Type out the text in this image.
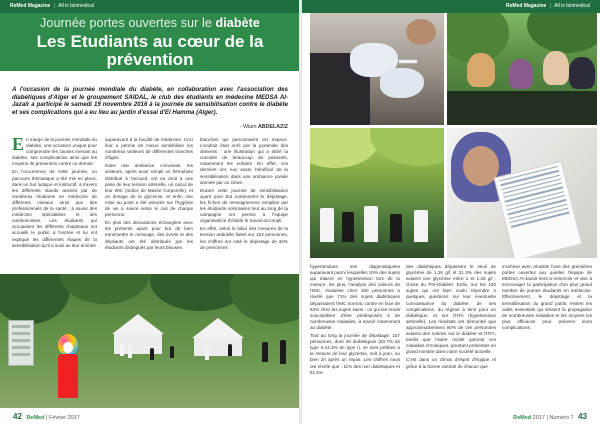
ReMed Magazine | All is biomedical
Journée portes ouvertes sur le diabète
Les Etudiants au cœur de la prévention
A l'occasion de la journée mondiale du diabète, en collaboration avec l'association des diabétiques d'Alger et le groupement SAIDAL, le club des étudiants en médecine MEDSA Al-Jazaïr a participé le samedi 19 novembre 2016 à la journée de sensibilisation contre le diabète et ses complications qui a eu lieu au jardin d'essai d'El Hamma (Alger).
- Wiam ABDELAZIZ

En marge de la journée mondiale du diabète, une occasion unique pour comprendre les causes menant au diabète, ses complications ainsi que les moyens de prévention contre ce dernier.

En l'occurrence de cette journée, un parcours thématique a été mis en place, dans un but ludique et instructif, à travers les différents stands animés par de nombreux étudiants en médecine de différents niveaux ainsi que des professionnels de la santé : à savoir des médecins spécialistes et des nutritionnistes. Les étudiants qui occupaient les différents chapiteaux ont accueilli le public à l'entrée et lui ont expliqué les différentes étapes de la sensibilisation qu'il a suivi au leur animée

auparavant à la faculté de médecine. Ceci leur a permis de mieux sensibiliser les nombreux visiteurs de différentes tranches d'âges.

Dans une ambiance conviviale, les visiteurs, après avoir rempli un formulaire distribué à l'accueil, ont eu droit à une prise de leur tension artérielle, un calcul de leur IMC (Indice de Masse Corporelle), et un dosage de la glycémie, et enfin une mise au point a été assurée sur l'hygiène de vie à suivre selon le cas de chaque personne.

En plus des discussions échangées avec les présents ayant pour but de bien transmettre le message, des livrets et des dépliants ont été distribués par les étudiants distingués par leurs blouses

blanches qui parcouraient cet espace. L'endroit était orné par la pyramide des aliments : une illustration qui a attiré la curiosité de beaucoup de passants, notamment les enfants. En effet, ces derniers ont, eux aussi, bénéficié de la sensibilisation dans une ambiance joviale animée par un clown.

Durant cette journée de sensibilisation ayant pour but notamment le dépistage, les fiches de renseignement remplies par les étudiants volontaires tout au long de la campagne ont permis à l'équipe organisatrice d'établir le travail accompli.

En effet, selon le bilan des mesures de la tension artérielle faites sur 153 personnes, les chiffres ont noté le dépistage de 32% de personnes

42 ReMed | Février 2017
ReMed Magazine | All is biomedical

hypertendues non diagnostiquées auparavant parmi lesquelles 10% des sujets qui étaient en hypertension lors de la mesure. De plus, l'analyse des valeurs de l'IMC, évaluées chez 180 personnes a révélé que 71% des sujets diabétiques dépassaient l'IMC normal, contre en face de 63% chez les sujets sains : ce qui les rends susceptibles d'être prédisposés à de nombreuses maladies, à savoir notamment au diabète.

Tout au long la journée de dépistage, 157 personnes, dont 26 diabétiques (83.7% de type II-14.3% de type I), se sont prêtées à la mesure de leur glycémie, soit à jeun, ou bien 2h après un repas. Les chiffres nous ont révélé que : 11% des non diabétiques et 61.5%

des diabétiques dépassent le seuil de glycémie de 1.26 g/l et 31.3% des sujets avaient une glycémie entre 1 et 1.26 g/l : chose du Pré-Diabète. Enfin, sur les 150 sujets qui ont bien voulu répondre à quelques questions sur leur éventuelle connaissance du diabète, de ses complications, du régime à tenir pour un diabétique, et sur l'HTA (hypertension artérielle). Les résultats ont démontré que approximativement 80% de ces personnes avaient des notions sur le diabète et l'HTA, tandis que l'autre moitié ignorait ces maladies chroniques, pourtant présentes en grand nombre dans notre société actuelle.

C'est dans un climat d'esprit d'équipe et grâce à la bonne volonté de chacun que

s'achève avec réussite l'une des premières portes ouvertes aux quelles l'équipe de MEDSA Al-Jazaïr tient à remercier et vise à encourager la participation d'un plus grand nombre de jeunes étudiants en médecine. Effectivement, le dépistage et la sensibilisation du grand public restent les outils essentiels qui limitent la propagation de nombreuses maladies et les moyens les plus efficaces pour prévenir leurs complications.

ReMed 2017 | Numéro 7 43
